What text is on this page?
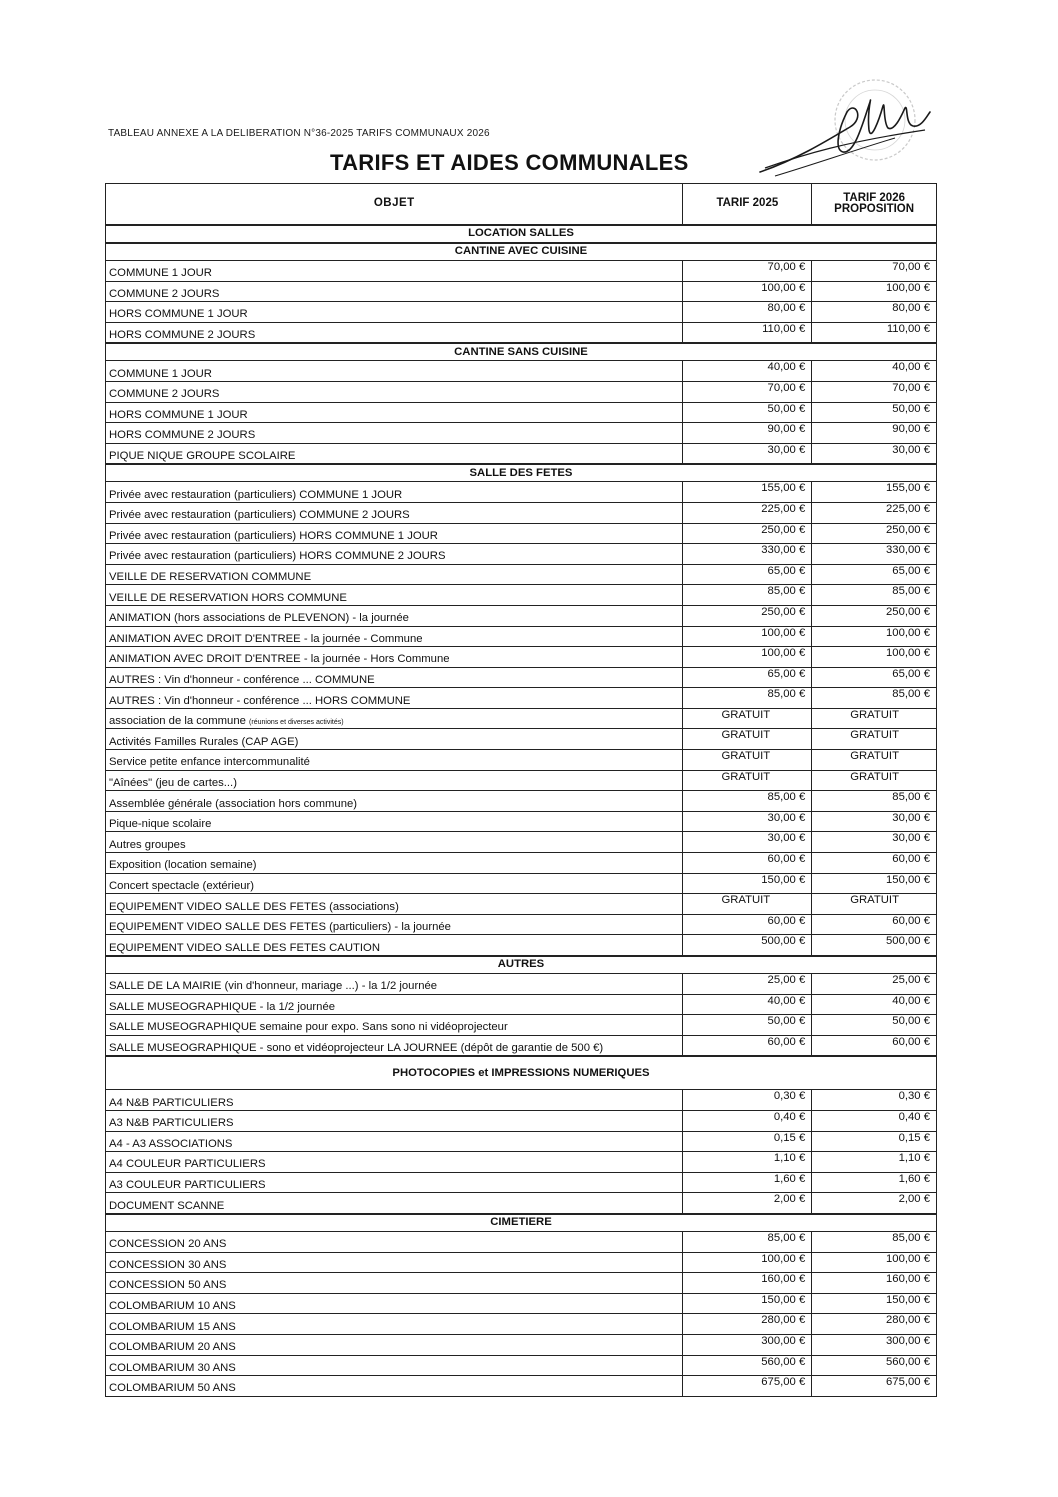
TABLEAU ANNEXE A LA DELIBERATION N°36-2025 TARIFS COMMUNAUX 2026
TARIFS ET AIDES COMMUNALES
OBJET	TARIF 2025	TARIF 2026
PROPOSITION
LOCATION SALLES		
CANTINE AVEC CUISINE		
COMMUNE 1 JOUR	70,00 €	70,00 €
COMMUNE 2 JOURS	100,00 €	100,00 €
HORS COMMUNE 1 JOUR	80,00 €	80,00 €
HORS COMMUNE 2 JOURS	110,00 €	110,00 €
CANTINE SANS CUISINE		
COMMUNE 1 JOUR	40,00 €	40,00 €
COMMUNE 2 JOURS	70,00 €	70,00 €
HORS COMMUNE 1 JOUR	50,00 €	50,00 €
HORS COMMUNE 2 JOURS	90,00 €	90,00 €
PIQUE NIQUE GROUPE SCOLAIRE	30,00 €	30,00 €
SALLE DES FETES		
Privée avec restauration (particuliers) COMMUNE 1 JOUR	155,00 €	155,00 €
Privée avec restauration (particuliers) COMMUNE 2 JOURS	225,00 €	225,00 €
Privée avec restauration (particuliers) HORS COMMUNE 1 JOUR	250,00 €	250,00 €
Privée avec restauration (particuliers) HORS COMMUNE 2 JOURS	330,00 €	330,00 €
VEILLE DE RESERVATION COMMUNE	65,00 €	65,00 €
VEILLE DE RESERVATION HORS COMMUNE	85,00 €	85,00 €
ANIMATION (hors associations de PLEVENON) - la journée	250,00 €	250,00 €
ANIMATION AVEC DROIT D'ENTREE - la journée - Commune	100,00 €	100,00 €
ANIMATION AVEC DROIT D'ENTREE - la journée - Hors Commune	100,00 €	100,00 €
AUTRES : Vin d'honneur - conférence ... COMMUNE	65,00 €	65,00 €
AUTRES : Vin d'honneur - conférence ... HORS COMMUNE	85,00 €	85,00 €
association de la commune (réunions et diverses activités)	GRATUIT	GRATUIT
Activités Familles Rurales (CAP AGE)	GRATUIT	GRATUIT
Service petite enfance intercommunalité	GRATUIT	GRATUIT
"Aînées" (jeu de cartes...)	GRATUIT	GRATUIT
Assemblée générale (association hors commune)	85,00 €	85,00 €
Pique-nique scolaire	30,00 €	30,00 €
Autres groupes	30,00 €	30,00 €
Exposition (location semaine)	60,00 €	60,00 €
Concert spectacle (extérieur)	150,00 €	150,00 €
EQUIPEMENT VIDEO SALLE DES FETES (associations)	GRATUIT	GRATUIT
EQUIPEMENT VIDEO SALLE DES FETES (particuliers) - la journée	60,00 €	60,00 €
EQUIPEMENT VIDEO SALLE DES FETES CAUTION	500,00 €	500,00 €
AUTRES		
SALLE DE LA MAIRIE (vin d'honneur, mariage ...) - la 1/2 journée	25,00 €	25,00 €
SALLE MUSEOGRAPHIQUE - la 1/2 journée	40,00 €	40,00 €
SALLE MUSEOGRAPHIQUE semaine pour expo. Sans sono ni vidéoprojecteur	50,00 €	50,00 €
SALLE MUSEOGRAPHIQUE - sono et vidéoprojecteur LA JOURNEE (dépôt de garantie de 500 €)	60,00 €	60,00 €
PHOTOCOPIES et IMPRESSIONS NUMERIQUES		
A4 N&B PARTICULIERS	0,30 €	0,30 €
A3 N&B PARTICULIERS	0,40 €	0,40 €
A4 - A3 ASSOCIATIONS	0,15 €	0,15 €
A4 COULEUR PARTICULIERS	1,10 €	1,10 €
A3 COULEUR PARTICULIERS	1,60 €	1,60 €
DOCUMENT SCANNE	2,00 €	2,00 €
CIMETIERE		
CONCESSION 20 ANS	85,00 €	85,00 €
CONCESSION 30 ANS	100,00 €	100,00 €
CONCESSION 50 ANS	160,00 €	160,00 €
COLOMBARIUM 10 ANS	150,00 €	150,00 €
COLOMBARIUM 15 ANS	280,00 €	280,00 €
COLOMBARIUM 20 ANS	300,00 €	300,00 €
COLOMBARIUM 30 ANS	560,00 €	560,00 €
COLOMBARIUM 50 ANS	675,00 €	675,00 €
